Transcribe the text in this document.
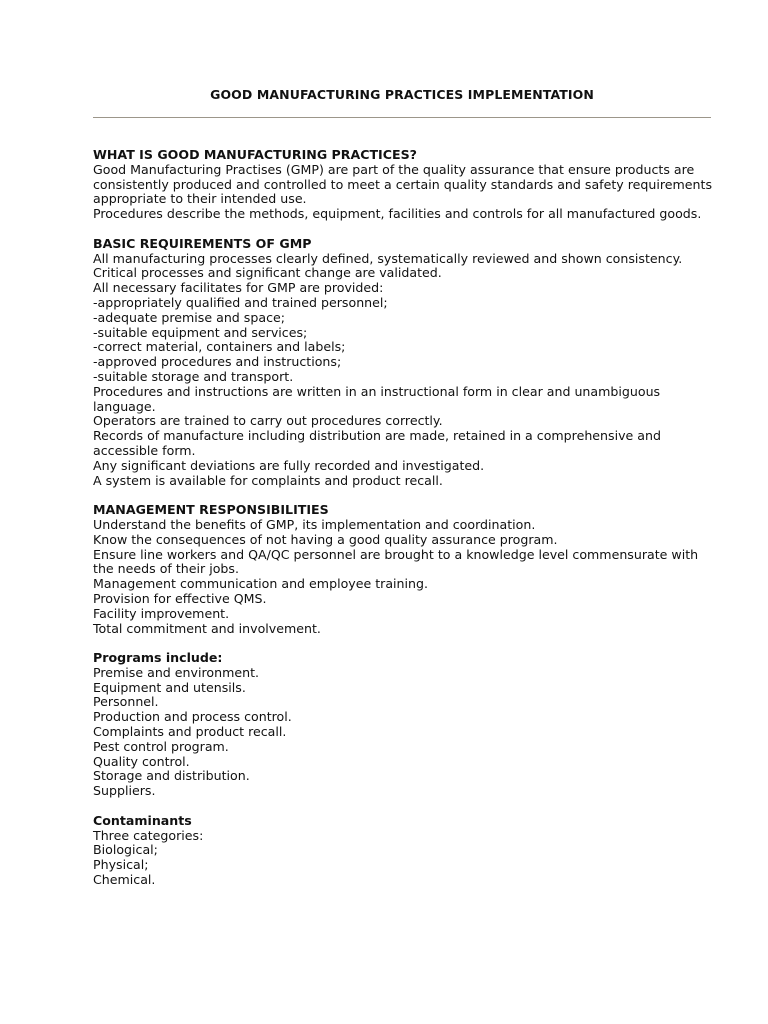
GOOD MANUFACTURING PRACTICES IMPLEMENTATION

WHAT IS GOOD MANUFACTURING PRACTICES?

Good Manufacturing Practises (GMP) are part of the quality assurance that ensure products are consistently produced and controlled to meet a certain quality standards and safety requirements appropriate to their intended use.

Procedures describe the methods, equipment, facilities and controls for all manufactured goods.

BASIC REQUIREMENTS OF GMP

All manufacturing processes clearly defined, systematically reviewed and shown consistency.

Critical processes and significant change are validated.

All necessary facilitates for GMP are provided:

-appropriately qualified and trained personnel;

-adequate premise and space;

-suitable equipment and services;

-correct material, containers and labels;

-approved procedures and instructions;

-suitable storage and transport.

Procedures and instructions are written in an instructional form in clear and unambiguous language.

Operators are trained to carry out procedures correctly.

Records of manufacture including distribution are made, retained in a comprehensive and accessible form.

Any significant deviations are fully recorded and investigated.

A system is available for complaints and product recall.

MANAGEMENT RESPONSIBILITIES

Understand the benefits of GMP, its implementation and coordination.

Know the consequences of not having a good quality assurance program.

Ensure line workers and QA/QC personnel are brought to a knowledge level commensurate with the needs of their jobs.

Management communication and employee training.

Provision for effective QMS.

Facility improvement.

Total commitment and involvement.

Programs include:

Premise and environment.

Equipment and utensils.

Personnel.

Production and process control.

Complaints and product recall.

Pest control program.

Quality control.

Storage and distribution.

Suppliers.

Contaminants

Three categories:

Biological;

Physical;

Chemical.
